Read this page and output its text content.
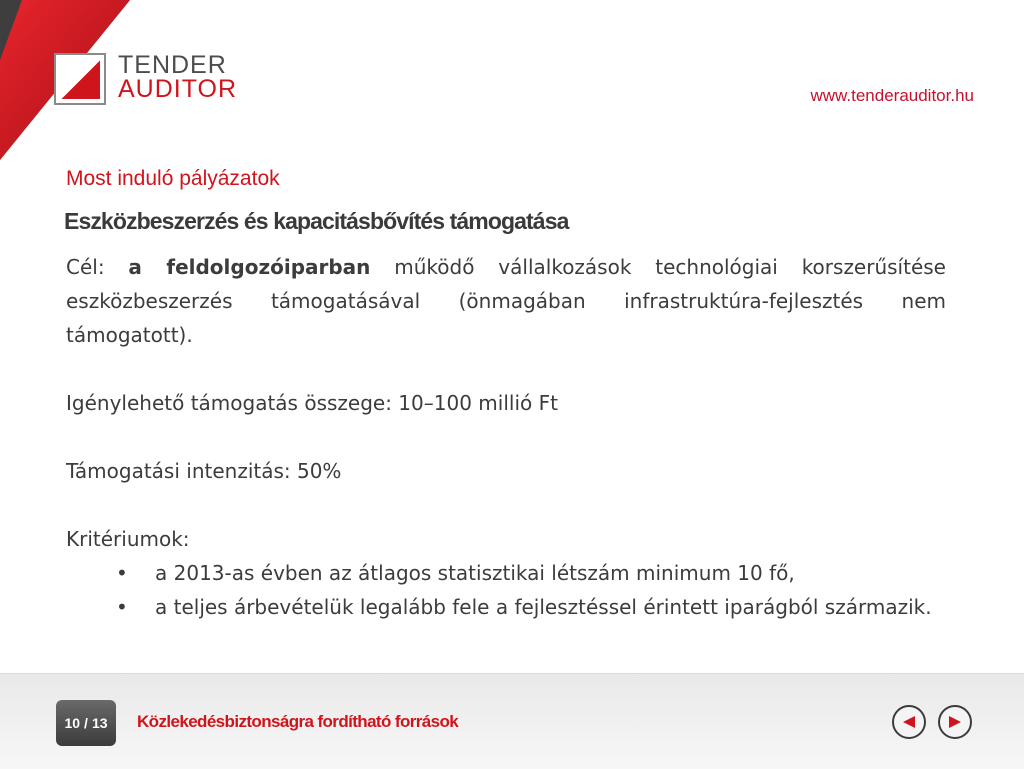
TENDER
AUDITOR	www.tenderauditor.hu
Most induló pályázatok
Eszközbeszerzés és kapacitásbővítés támogatása

Cél: a feldolgozóiparban működő vállalkozások technológiai korszerűsítése eszközbeszerzés támogatásával (önmagában infrastruktúra-fejlesztés nem támogatott).

Igénylehető támogatás összege: 10–100 millió Ft

Támogatási intenzitás: 50%

Kritériumok:

• a 2013-as évben az átlagos statisztikai létszám minimum 10 fő,
• a teljes árbevételük legalább fele a fejlesztéssel érintett iparágból származik.
10 / 13 Közlekedésbiztonságra fordítható források
